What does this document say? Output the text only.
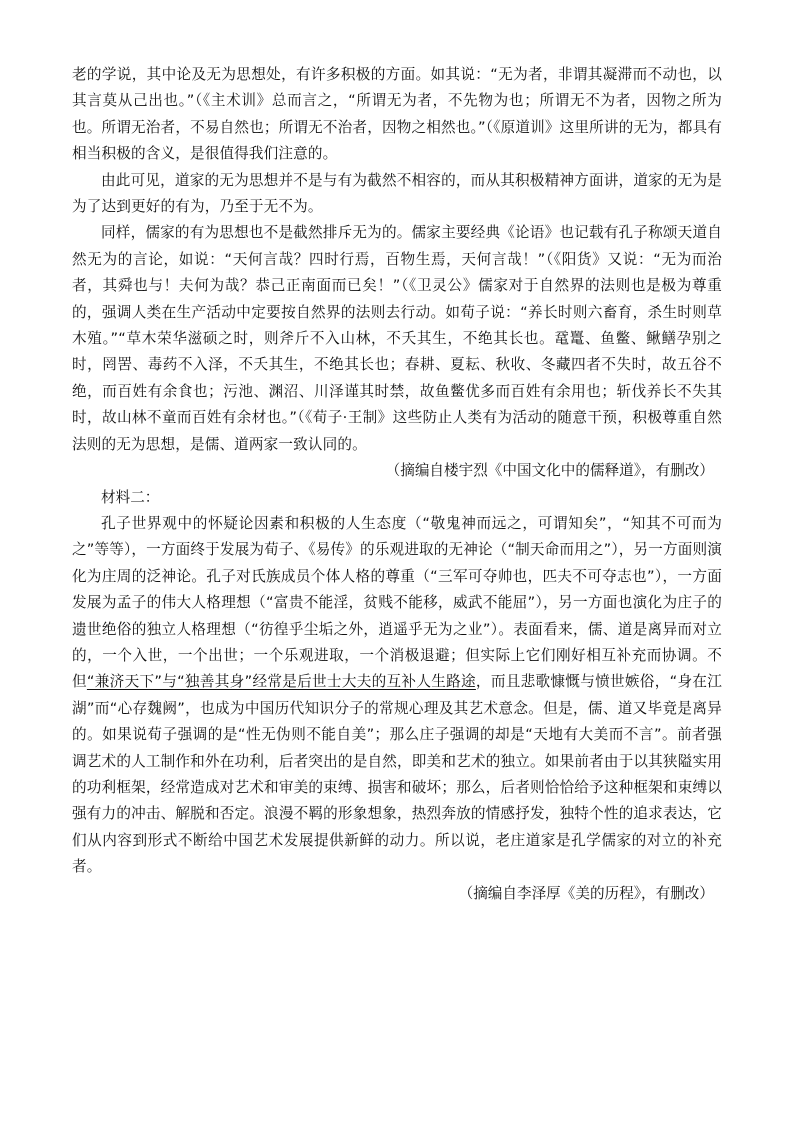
老的学说，其中论及无为思想处，有许多积极的方面。如其说：“无为者，非谓其凝滞而不动也，以其言莫从己出也。”（《主术训》总而言之，“所谓无为者，不先物为也；所谓无不为者，因物之所为也。所谓无治者，不易自然也；所谓无不治者，因物之相然也。”（《原道训》这里所讲的无为，都具有相当积极的含义，是很值得我们注意的。

由此可见，道家的无为思想并不是与有为截然不相容的，而从其积极精神方面讲，道家的无为是为了达到更好的有为，乃至于无不为。

同样，儒家的有为思想也不是截然排斥无为的。儒家主要经典《论语》也记载有孔子称颂天道自然无为的言论，如说：“天何言哉？四时行焉，百物生焉，天何言哉！”（《阳货》又说：“无为而治者，其舜也与！夫何为哉？恭己正南面而已矣！”（《卫灵公》儒家对于自然界的法则也是极为尊重的，强调人类在生产活动中定要按自然界的法则去行动。如荀子说：“养长时则六畜育，杀生时则草木殖。”“草木荣华滋硕之时，则斧斤不入山林，不夭其生，不绝其长也。鼋鼍、鱼鳖、鳅鳝孕别之时，罔罟、毒药不入泽，不夭其生，不绝其长也；春耕、夏耘、秋收、冬藏四者不失时，故五谷不绝，而百姓有余食也；污池、渊沼、川泽谨其时禁，故鱼鳖优多而百姓有余用也；斩伐养长不失其时，故山林不童而百姓有余材也。”（《荀子·王制》这些防止人类有为活动的随意干预，积极尊重自然法则的无为思想，是儒、道两家一致认同的。

（摘编自楼宇烈《中国文化中的儒释道》，有删改）

材料二：

孔子世界观中的怀疑论因素和积极的人生态度（“敬鬼神而远之，可谓知矣”，“知其不可而为之”等等），一方面终于发展为荀子、《易传》的乐观进取的无神论（“制天命而用之”），另一方面则演化为庄周的泛神论。孔子对氏族成员个体人格的尊重（“三军可夺帅也，匹夫不可夺志也”），一方面发展为孟子的伟大人格理想（“富贵不能淫，贫贱不能移，威武不能屈”），另一方面也演化为庄子的遗世绝俗的独立人格理想（“彷徨乎尘垢之外，逍遥乎无为之业”）。表面看来，儒、道是离异而对立的，一个入世，一个出世；一个乐观进取，一个消极退避；但实际上它们刚好相互补充而协调。不但“兼济天下”与“独善其身”经常是后世士大夫的互补人生路途，而且悲歌慷慨与愤世嫉俗，“身在江湖”而“心存魏阙”，也成为中国历代知识分子的常规心理及其艺术意念。但是，儒、道又毕竟是离异的。如果说荀子强调的是“性无伪则不能自美”；那么庄子强调的却是“天地有大美而不言”。前者强调艺术的人工制作和外在功利，后者突出的是自然，即美和艺术的独立。如果前者由于以其狭隘实用的功利框架，经常造成对艺术和审美的束缚、损害和破坏；那么，后者则恰恰给予这种框架和束缚以强有力的冲击、解脱和否定。浪漫不羁的形象想象，热烈奔放的情感抒发，独特个性的追求表达，它们从内容到形式不断给中国艺术发展提供新鲜的动力。所以说，老庄道家是孔学儒家的对立的补充者。

（摘编自李泽厚《美的历程》，有删改）
